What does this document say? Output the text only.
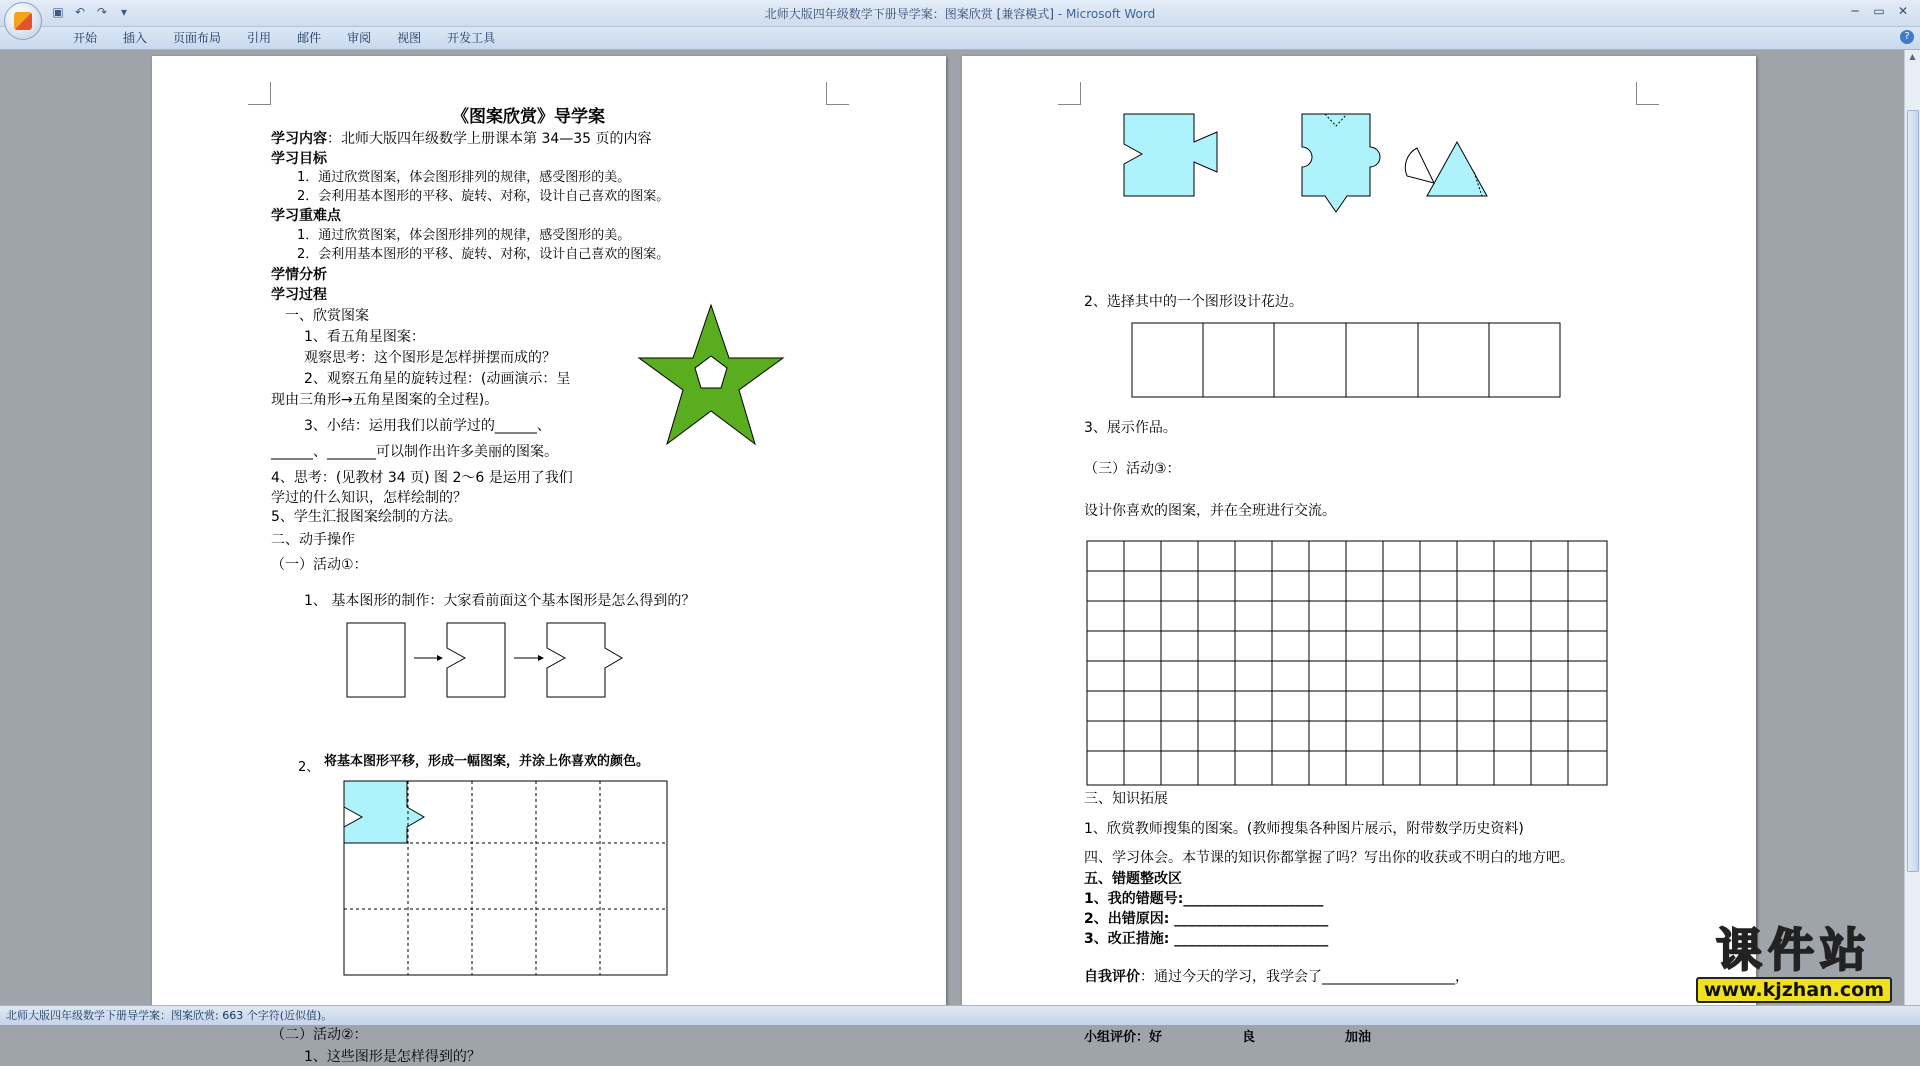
▣ ↶ ↷	▾	北师大版四年级数学下册导学案：图案欣赏 [兼容模式] - Microsoft Word	─	▭	✕
开始	插入	页面布局	引用	邮件	审阅	视图	开发工具	?
《图案欣赏》导学案
学习内容：北师大版四年级数学上册课本第 34—35 页的内容
学习目标
1．通过欣赏图案，体会图形排列的规律，感受图形的美。
2．会利用基本图形的平移、旋转、对称，设计自己喜欢的图案。
学习重难点
1．通过欣赏图案，体会图形排列的规律，感受图形的美。
2．会利用基本图形的平移、旋转、对称，设计自己喜欢的图案。
学情分析
学习过程
一、欣赏图案
1、看五角星图案：
观察思考：这个图形是怎样拼摆而成的？
2、观察五角星的旋转过程：(动画演示：呈
现由三角形→五角星图案的全过程)。
3、小结：运用我们以前学过的______、
______、_______可以制作出许多美丽的图案。
4、思考：(见教材 34 页) 图 2～6 是运用了我们
学过的什么知识，怎样绘制的？
5、学生汇报图案绘制的方法。
二、动手操作
（一）活动①：
1、 基本图形的制作：大家看前面这个基本图形是怎么得到的？
2、 将基本图形平移，形成一幅图案，并涂上你喜欢的颜色。
（二）活动②：
1、这些图形是怎样得到的？
2、选择其中的一个图形设计花边。
3、展示作品。
（三）活动③：
设计你喜欢的图案，并在全班进行交流。
三、知识拓展
1、欣赏教师搜集的图案。(教师搜集各种图片展示，附带数学历史资料)
四、学习体会。本节课的知识你都掌握了吗？写出你的收获或不明白的地方吧。
五、错题整改区
1、我的错题号:____________________
2、出错原因: ______________________
3、改正措施: ______________________
自我评价：通过今天的学习，我学会了___________________，
小组评价：好	良	加油
▲
课件站
www.kjzhan.com
北师大版四年级数学下册导学案：图案欣赏: 663 个字符(近似值)。
